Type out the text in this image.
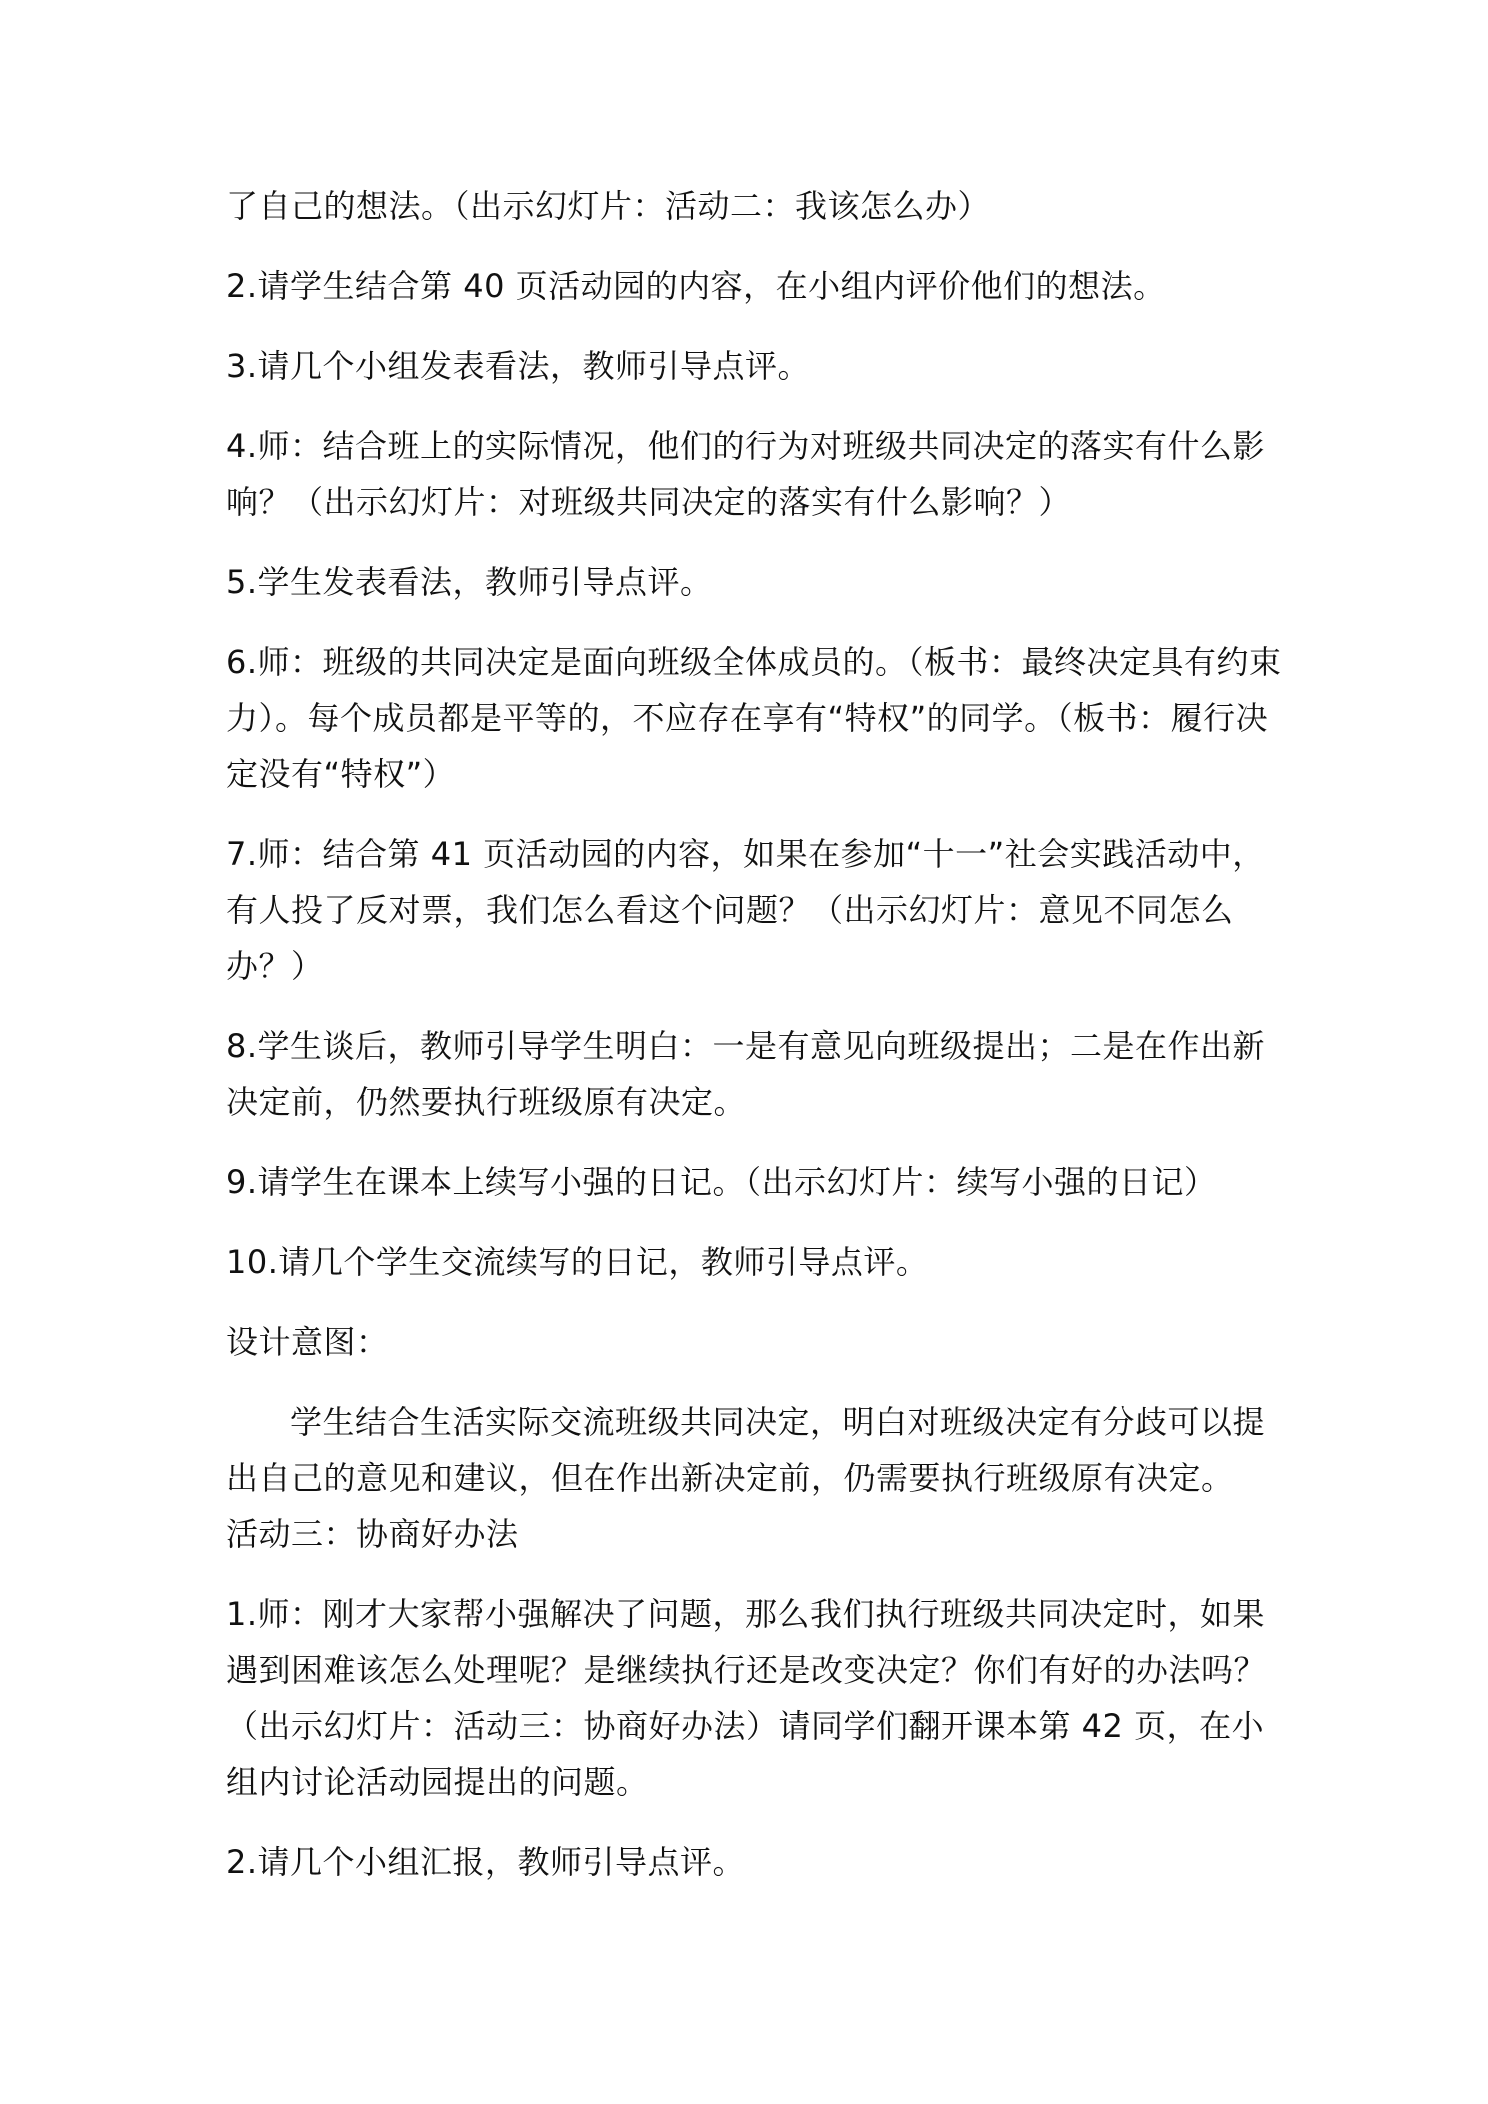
了自己的想法。（出示幻灯片：活动二：我该怎么办）

2.请学生结合第 40 页活动园的内容，在小组内评价他们的想法。

3.请几个小组发表看法，教师引导点评。

4.师：结合班上的实际情况，他们的行为对班级共同决定的落实有什么影响？（出示幻灯片：对班级共同决定的落实有什么影响？）

5.学生发表看法，教师引导点评。

6.师：班级的共同决定是面向班级全体成员的。（板书：最终决定具有约束力）。每个成员都是平等的，不应存在享有“特权”的同学。（板书：履行决定没有“特权”）

7.师：结合第 41 页活动园的内容，如果在参加“十一”社会实践活动中，有人投了反对票，我们怎么看这个问题？（出示幻灯片：意见不同怎么办？）

8.学生谈后，教师引导学生明白：一是有意见向班级提出；二是在作出新决定前，仍然要执行班级原有决定。

9.请学生在课本上续写小强的日记。（出示幻灯片：续写小强的日记）

10.请几个学生交流续写的日记，教师引导点评。

设计意图：

学生结合生活实际交流班级共同决定，明白对班级决定有分歧可以提出自己的意见和建议，但在作出新决定前，仍需要执行班级原有决定。

活动三：协商好办法

1.师：刚才大家帮小强解决了问题，那么我们执行班级共同决定时，如果遇到困难该怎么处理呢？是继续执行还是改变决定？你们有好的办法吗？（出示幻灯片：活动三：协商好办法）请同学们翻开课本第 42 页，在小组内讨论活动园提出的问题。

2.请几个小组汇报，教师引导点评。
